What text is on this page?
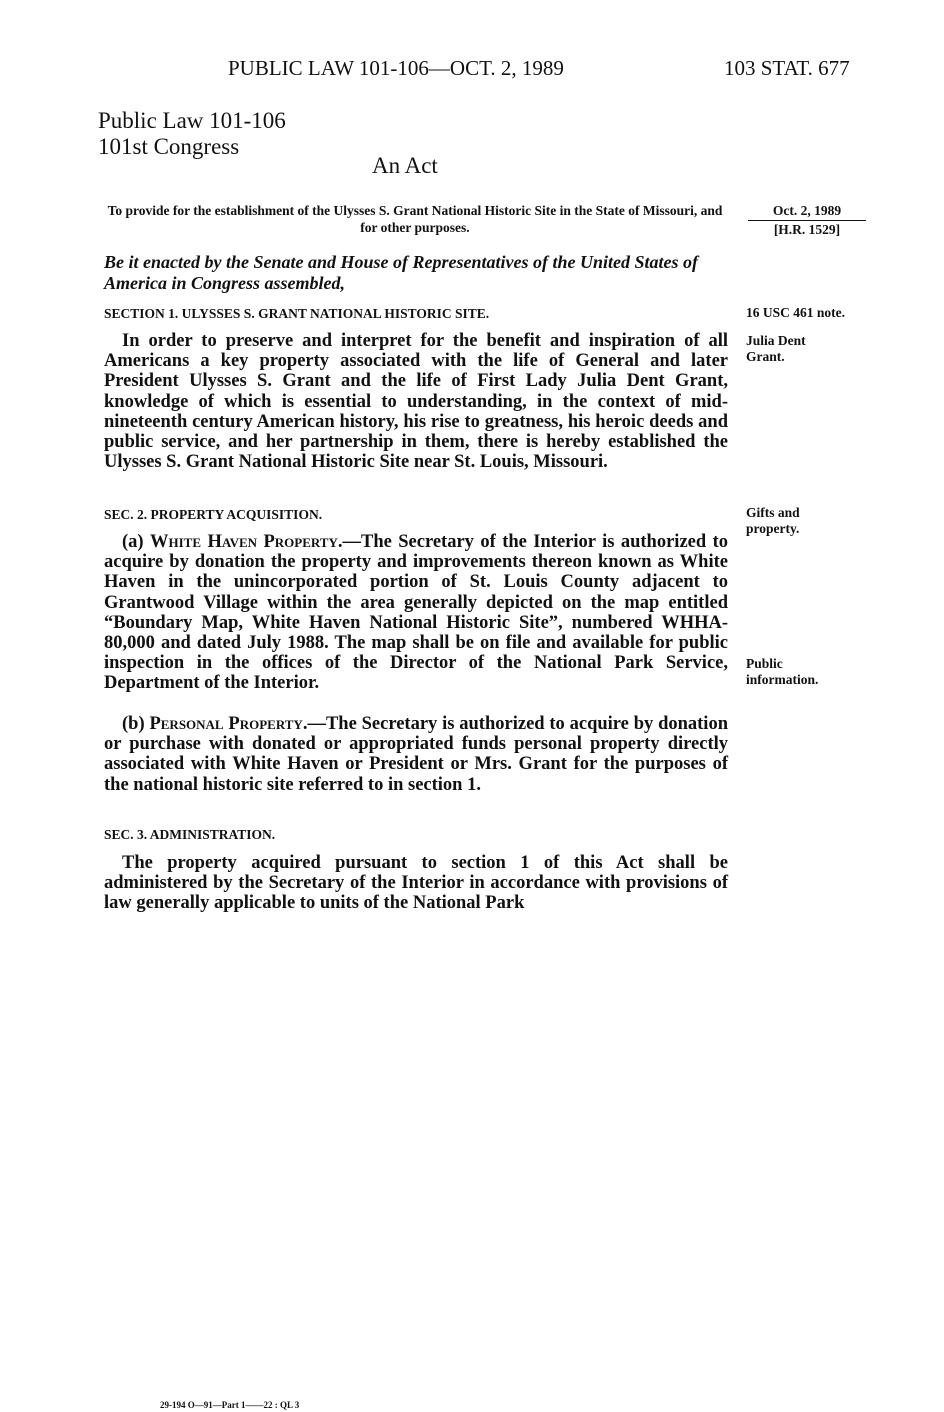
PUBLIC LAW 101-106—OCT. 2, 1989	103 STAT. 677
Public Law 101-106
101st Congress
An Act
To provide for the establishment of the Ulysses S. Grant National Historic Site in the State of Missouri, and for other purposes.
Oct. 2, 1989
[H.R. 1529]
Be it enacted by the Senate and House of Representatives of the United States of America in Congress assembled,
SECTION 1. ULYSSES S. GRANT NATIONAL HISTORIC SITE.
In order to preserve and interpret for the benefit and inspiration of all Americans a key property associated with the life of General and later President Ulysses S. Grant and the life of First Lady Julia Dent Grant, knowledge of which is essential to understanding, in the context of mid-nineteenth century American history, his rise to greatness, his heroic deeds and public service, and her partnership in them, there is hereby established the Ulysses S. Grant National Historic Site near St. Louis, Missouri.
SEC. 2. PROPERTY ACQUISITION.
(a) White Haven Property.—The Secretary of the Interior is authorized to acquire by donation the property and improvements thereon known as White Haven in the unincorporated portion of St. Louis County adjacent to Grantwood Village within the area generally depicted on the map entitled “Boundary Map, White Haven National Historic Site”, numbered WHHA-80,000 and dated July 1988. The map shall be on file and available for public inspection in the offices of the Director of the National Park Service, Department of the Interior.
(b) Personal Property.—The Secretary is authorized to acquire by donation or purchase with donated or appropriated funds personal property directly associated with White Haven or President or Mrs. Grant for the purposes of the national historic site referred to in section 1.
SEC. 3. ADMINISTRATION.
The property acquired pursuant to section 1 of this Act shall be administered by the Secretary of the Interior in accordance with provisions of law generally applicable to units of the National Park
16 USC 461 note.
Julia Dent Grant.
Gifts and property.
Public information.
29-194 O—91—Part 1——22 : QL 3
